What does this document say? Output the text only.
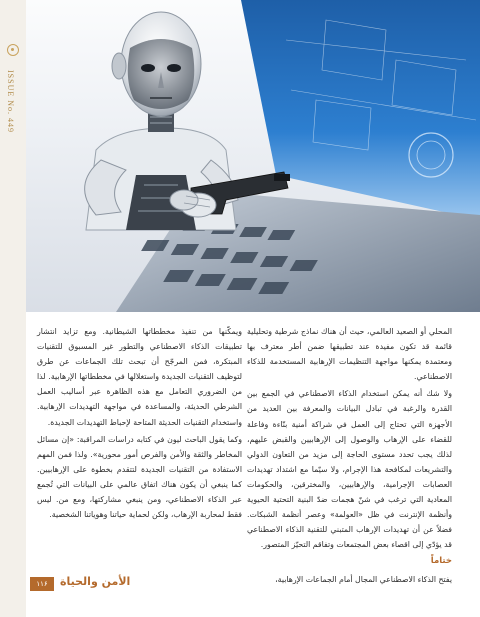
ISSUE No. 449

المحلي أو الصعيد العالمي، حيث أن هناك نماذج شرطية وتحليلية قائمة قد تكون مفيدة عند تطبيقها ضمن أطر معترف بها ومعتمدة يمكنها مواجهة التنظيمات الإرهابية المستخدمة للذكاء الاصطناعي.

ولا شك أنه يمكن استخدام الذكاء الاصطناعي في الجمع بين القدرة والرغبة في تبادل البيانات والمعرفة بين العديد من الأجهزة التي تحتاج إلى العمل في شراكة أمنية بنّاءة وفاعلة للقضاء على الإرهاب والوصول إلى الإرهابيين والقبض عليهم، لذلك يجب تحدد مستوى الحاجة إلى مزيد من التعاون الدولي والتشريعات لمكافحة هذا الإجرام، ولا سيّما مع اشتداد تهديدات العصابات الإجرامية، والإرهابيين، والمخترقين، والحكومات المعادية التي ترغب في شنّ هجمات ضدّ البنية التحتية الحيوية وأنظمة الإنترنت في ظل «العولمة» وعصر أنظمة الشبكات. فضلاً عن أن تهديدات الإرهاب المتبني للتقنية الذكاء الاصطناعي قد يؤدّي إلى اقصاء بعض المجتمعات وتفاقم التحيّز المتصور.

ختاماً

يفتح الذكاء الاصطناعي المجال أمام الجماعات الإرهابية،

ويمكّنها من تنفيذ مخططاتها الشيطانية. ومع تزايد انتشار تطبيقات الذكاء الاصطناعي والتطور غير المسبوق للتقنيات المبتكرة، فمن المرجّح أن تبحث تلك الجماعات عن طرق لتوظيف التقنيات الجديدة واستغلالها في مخططاتها الإرهابية. لذا من الضروري التعامل مع هذه الظاهرة عبر أساليب العمل الشرطي الحديثة، والمساعدة في مواجهة التهديدات الإرهابية. واستخدام التقنيات الحديثة المتاحة لإحباط التهديدات الجديدة.

وكما يقول الباحث ليون في كتابه دراسات المراقبة: «إن مسائل المخاطر والثقة والأمن والفرص أمور محورية». ولذا فمن المهم الاستفادة من التقنيات الجديدة لتتقدم بخطوة على الإرهابيين. كما ينبغي أن يكون هناك اتفاق عالمي على البيانات التي تُجمع عبر الذكاء الاصطناعي، ومن ينبغي مشاركتها، ومع من. ليس فقط لمحاربة الإرهاب، ولكن لحماية حياتنا وهوياتنا الشخصية.

۱۱۶	الأمن والحياة
